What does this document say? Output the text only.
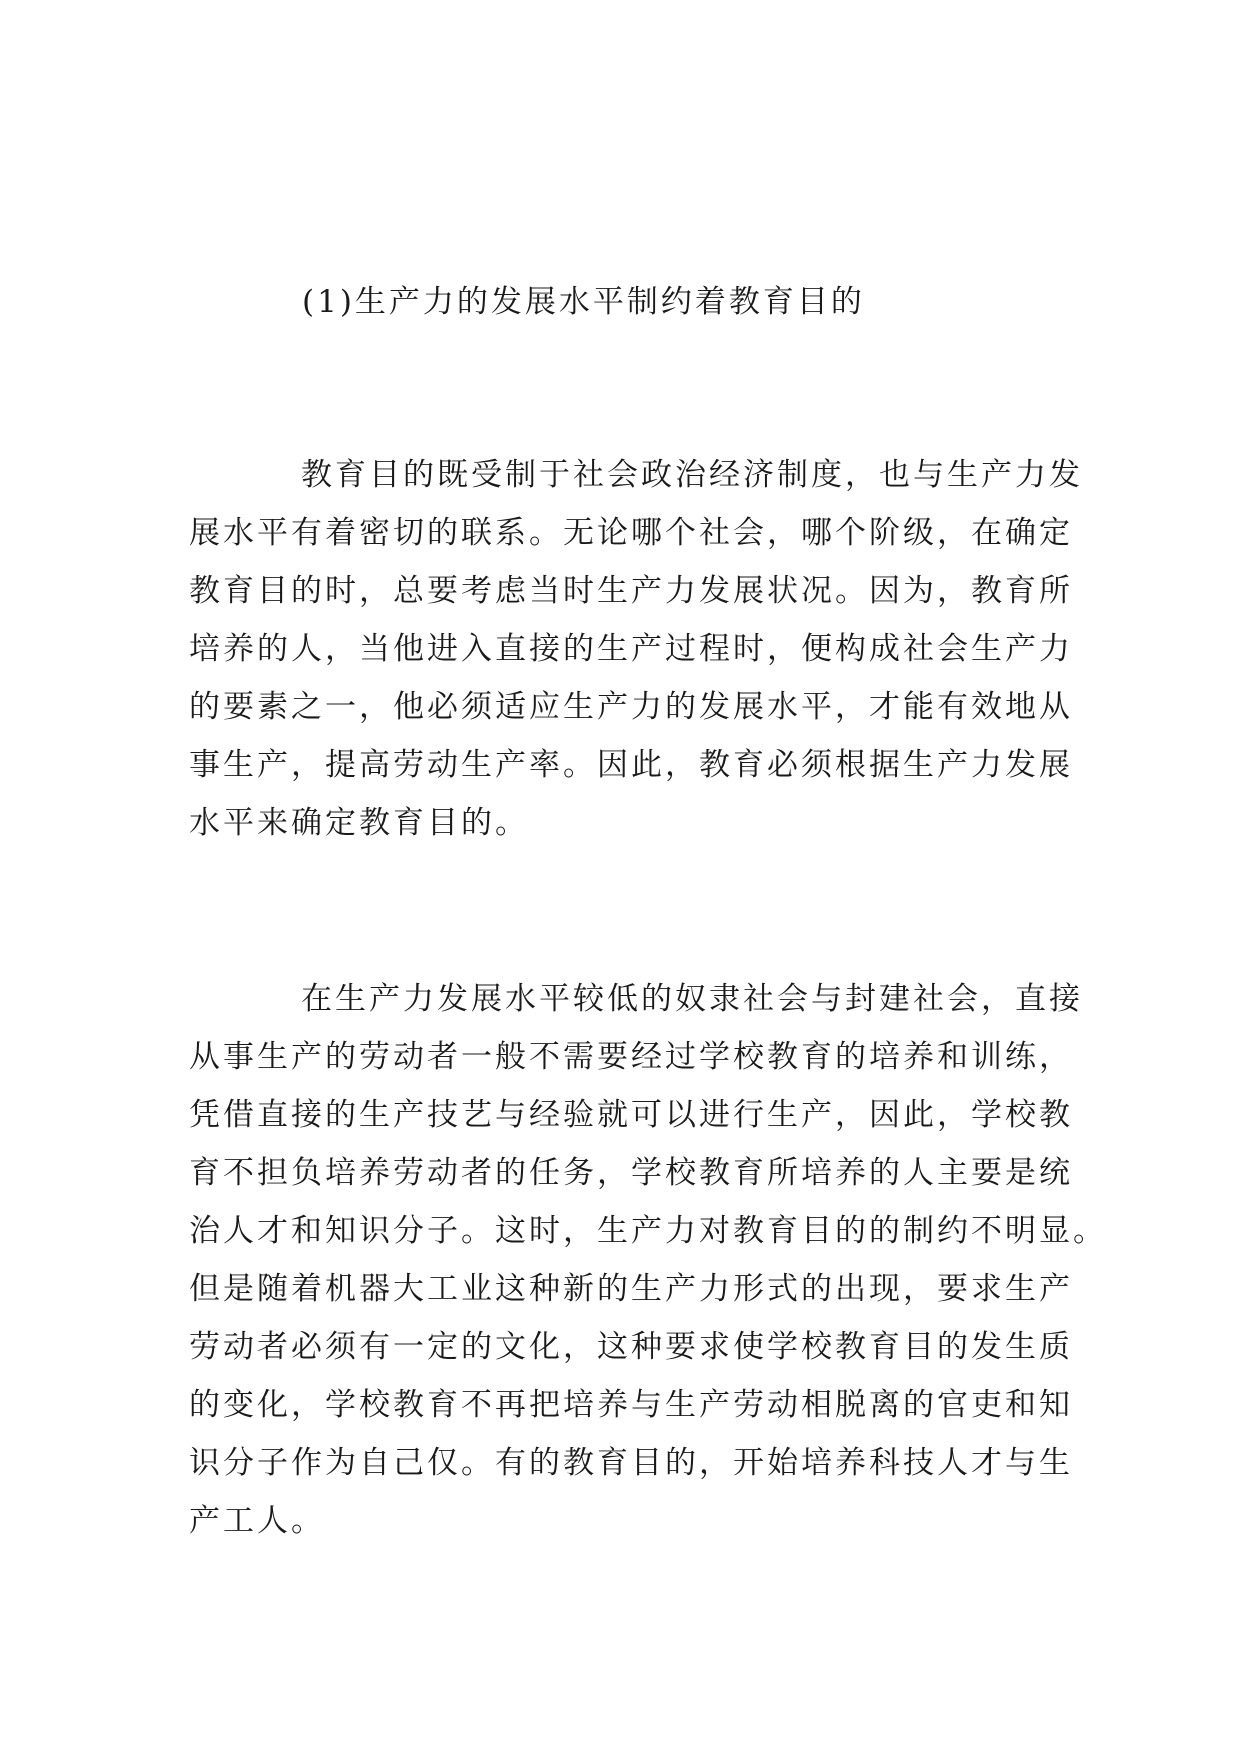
(1)生产力的发展水平制约着教育目的
教育目的既受制于社会政治经济制度，也与生产力发
展水平有着密切的联系。无论哪个社会，哪个阶级，在确定
教育目的时，总要考虑当时生产力发展状况。因为，教育所
培养的人，当他进入直接的生产过程时，便构成社会生产力
的要素之一，他必须适应生产力的发展水平，才能有效地从
事生产，提高劳动生产率。因此，教育必须根据生产力发展
水平来确定教育目的。
在生产力发展水平较低的奴隶社会与封建社会，直接
从事生产的劳动者一般不需要经过学校教育的培养和训练，
凭借直接的生产技艺与经验就可以进行生产，因此，学校教
育不担负培养劳动者的任务，学校教育所培养的人主要是统
治人才和知识分子。这时，生产力对教育目的的制约不明显。
但是随着机器大工业这种新的生产力形式的出现，要求生产
劳动者必须有一定的文化，这种要求使学校教育目的发生质
的变化，学校教育不再把培养与生产劳动相脱离的官吏和知
识分子作为自己仅。有的教育目的，开始培养科技人才与生
产工人。
